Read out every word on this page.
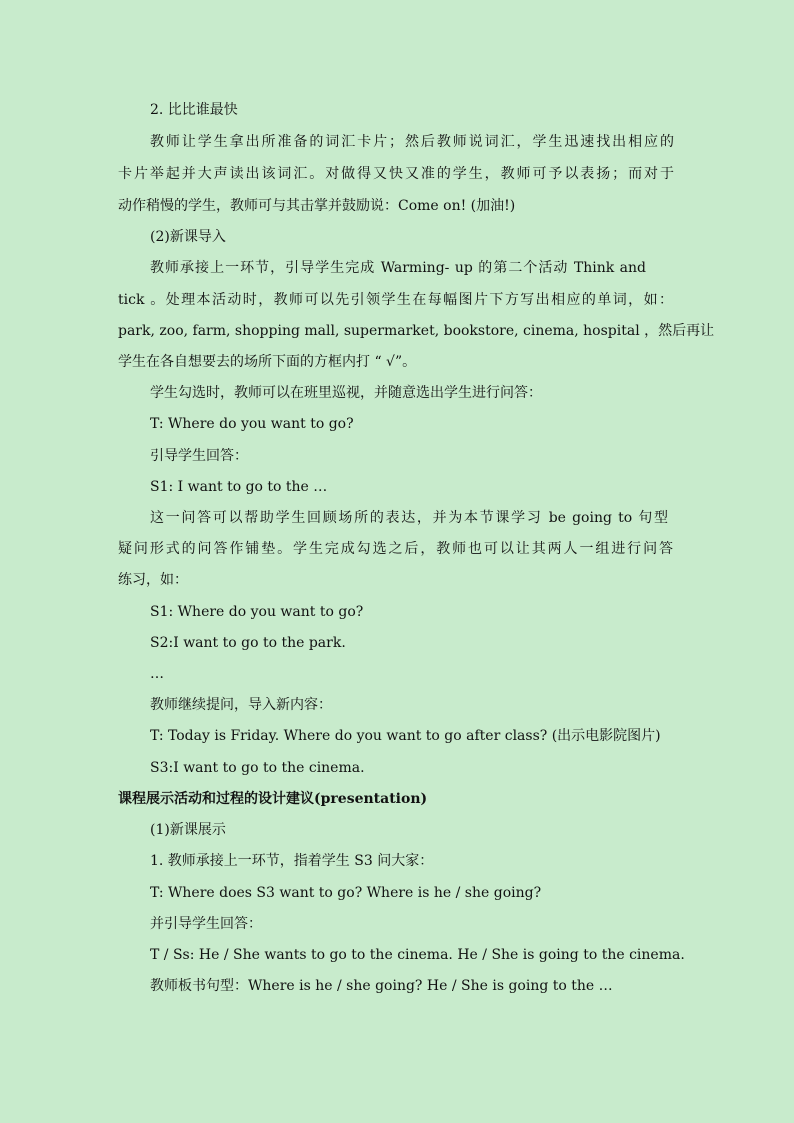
2. 比比谁最快
教师让学生拿出所准备的词汇卡片；然后教师说词汇，学生迅速找出相应的
卡片举起并大声读出该词汇。对做得又快又准的学生，教师可予以表扬；而对于
动作稍慢的学生，教师可与其击掌并鼓励说：Come on! (加油!)
(2)新课导入
教师承接上一环节，引导学生完成 Warming- up 的第二个活动 Think and
tick 。处理本活动时，教师可以先引领学生在每幅图片下方写出相应的单词，如：
park, zoo, farm, shopping mall, supermarket, bookstore, cinema, hospital ，然后再让
学生在各自想要去的场所下面的方框内打 “ √”。
学生勾选时，教师可以在班里巡视，并随意选出学生进行问答：
T: Where do you want to go?
引导学生回答：
S1: I want to go to the …
这一问答可以帮助学生回顾场所的表达，并为本节课学习 be going to 句型
疑问形式的问答作铺垫。学生完成勾选之后，教师也可以让其两人一组进行问答
练习，如：
S1: Where do you want to go?
S2:I want to go to the park.
…
教师继续提问，导入新内容：
T: Today is Friday. Where do you want to go after class? (出示电影院图片)
S3:I want to go to the cinema.
课程展示活动和过程的设计建议(presentation)
(1)新课展示
1. 教师承接上一环节，指着学生 S3 问大家：
T: Where does S3 want to go? Where is he / she going?
并引导学生回答：
T / Ss: He / She wants to go to the cinema. He / She is going to the cinema.
教师板书句型：Where is he / she going? He / She is going to the …
